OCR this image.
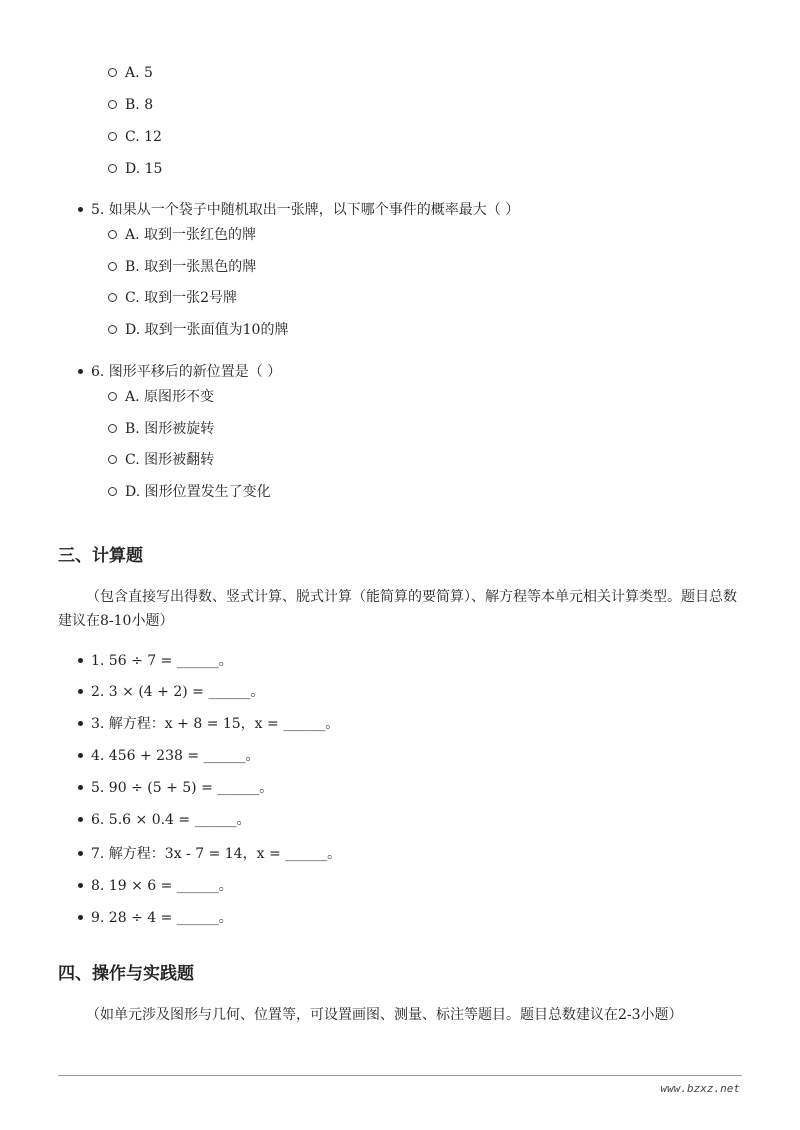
A. 5
B. 8
C. 12
D. 15
5. 如果从一个袋子中随机取出一张牌，以下哪个事件的概率最大（ ）
A. 取到一张红色的牌
B. 取到一张黑色的牌
C. 取到一张2号牌
D. 取到一张面值为10的牌
6. 图形平移后的新位置是（ ）
A. 原图形不变
B. 图形被旋转
C. 图形被翻转
D. 图形位置发生了变化
三、计算题
（包含直接写出得数、竖式计算、脱式计算（能简算的要简算）、解方程等本单元相关计算类型。题目总数建议在8-10小题）
1. 56 ÷ 7 = ______。
2. 3 × (4 + 2) = ______。
3. 解方程：x + 8 = 15，x = ______。
4. 456 + 238 = ______。
5. 90 ÷ (5 + 5) = ______。
6. 5.6 × 0.4 = ______。
7. 解方程：3x - 7 = 14，x = ______。
8. 19 × 6 = ______。
9. 28 ÷ 4 = ______。
四、操作与实践题
（如单元涉及图形与几何、位置等，可设置画图、测量、标注等题目。题目总数建议在2-3小题）
www.bzxz.net
